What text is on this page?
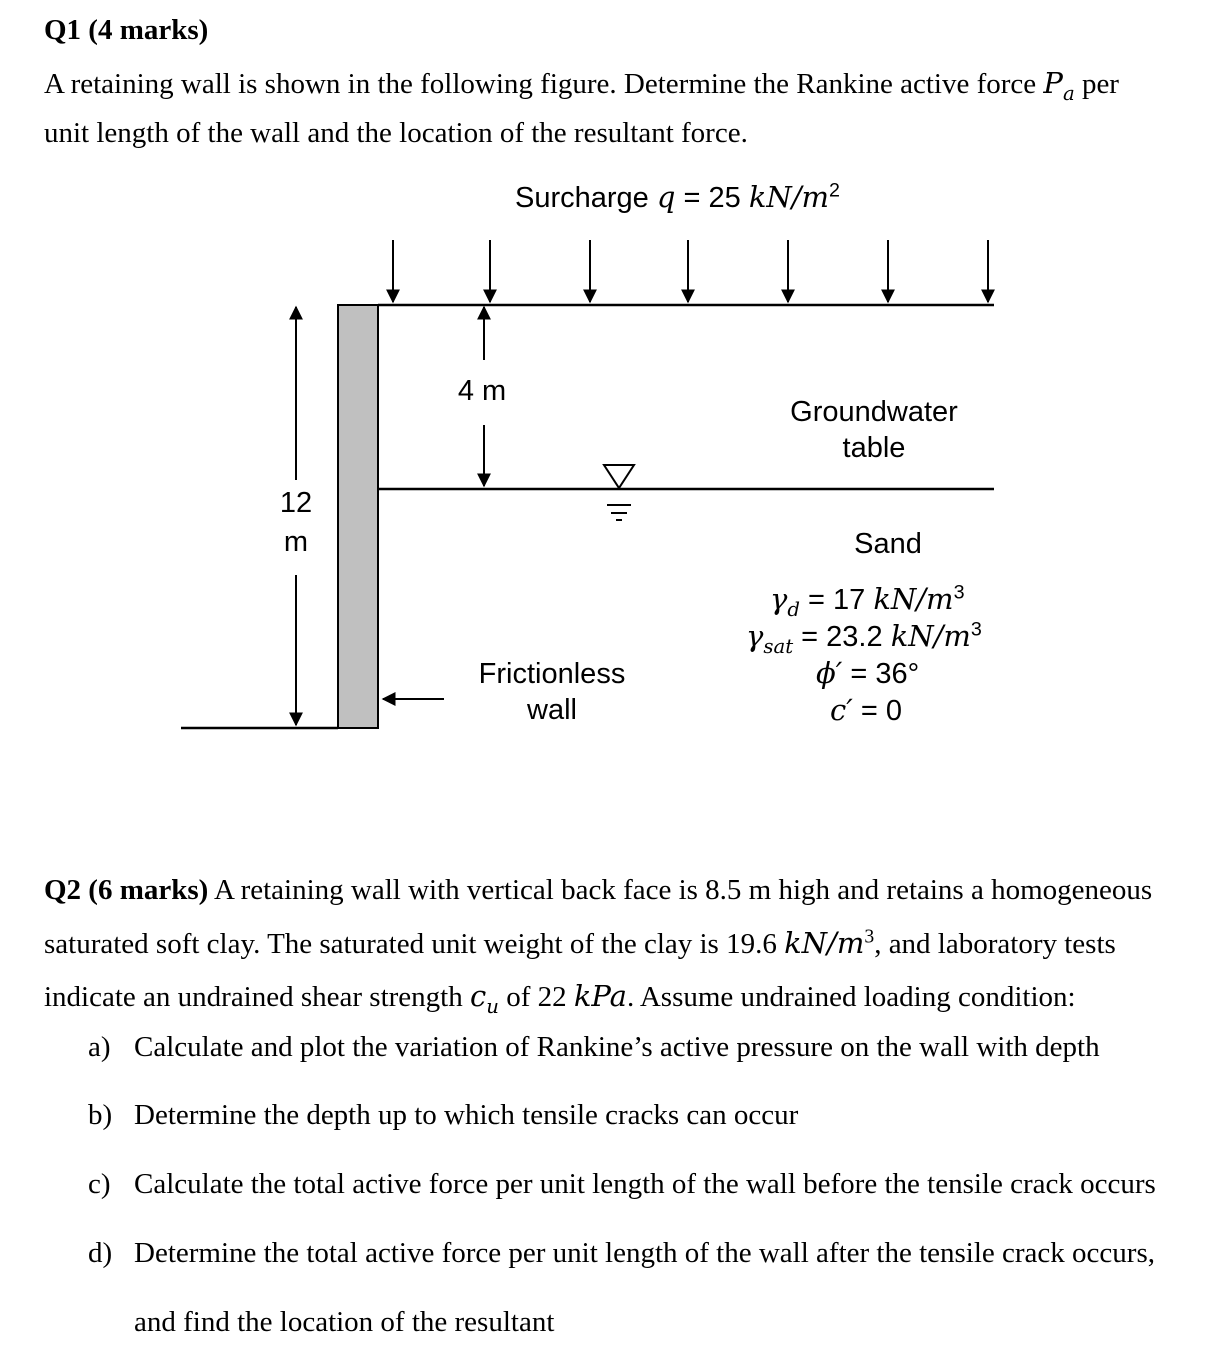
Q1 (4 marks)
A retaining wall is shown in the following figure. Determine the Rankine active force $P_a$ per
unit length of the wall and the location of the resultant force.
Surcharge q = 25 $kN/m^2$
12
m
4 m
Groundwater
table
Sand
$\gamma_d = 17$ $kN/m^3$
$\gamma_{sat} = 23.2$ $kN/m^3$
ϕ′ = 36°
c′ = 0
Frictionless
wall
Q2 (6 marks) A retaining wall with vertical back face is 8.5 m high and retains a homogeneous
saturated soft clay. The saturated unit weight of the clay is 19.6 $kN/m^3$, and laboratory tests
indicate an undrained shear strength $c_u$ of 22 kPa. Assume undrained loading condition:
a) Calculate and plot the variation of Rankine’s active pressure on the wall with depth
b) Determine the depth up to which tensile cracks can occur
c) Calculate the total active force per unit length of the wall before the tensile crack occurs
d) Determine the total active force per unit length of the wall after the tensile crack occurs,
and find the location of the resultant
